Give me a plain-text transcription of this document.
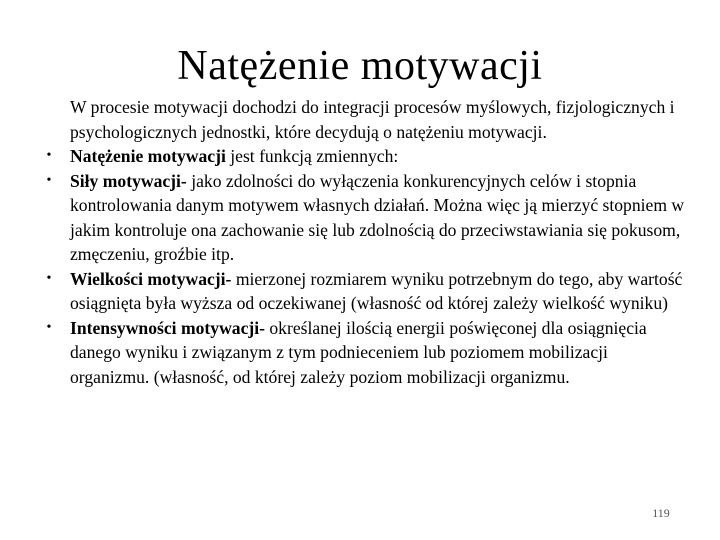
Natężenie motywacji
W procesie motywacji dochodzi do integracji procesów myślowych, fizjologicznych i psychologicznych jednostki, które decydują o natężeniu motywacji.
•	Natężenie motywacji jest funkcją zmiennych:
•	Siły motywacji- jako zdolności do wyłączenia konkurencyjnych celów i stopnia kontrolowania danym motywem własnych działań. Można więc ją mierzyć stopniem w jakim kontroluje ona zachowanie się lub zdolnością do przeciwstawiania się pokusom, zmęczeniu, groźbie itp.
•	Wielkości motywacji- mierzonej rozmiarem wyniku potrzebnym do tego, aby wartość osiągnięta była wyższa od oczekiwanej (własność od której zależy wielkość wyniku)
•	Intensywności motywacji- określanej ilością energii poświęconej dla osiągnięcia danego wyniku i związanym z tym podnieceniem lub poziomem mobilizacji organizmu. (własność, od której zależy poziom mobilizacji organizmu.
119
